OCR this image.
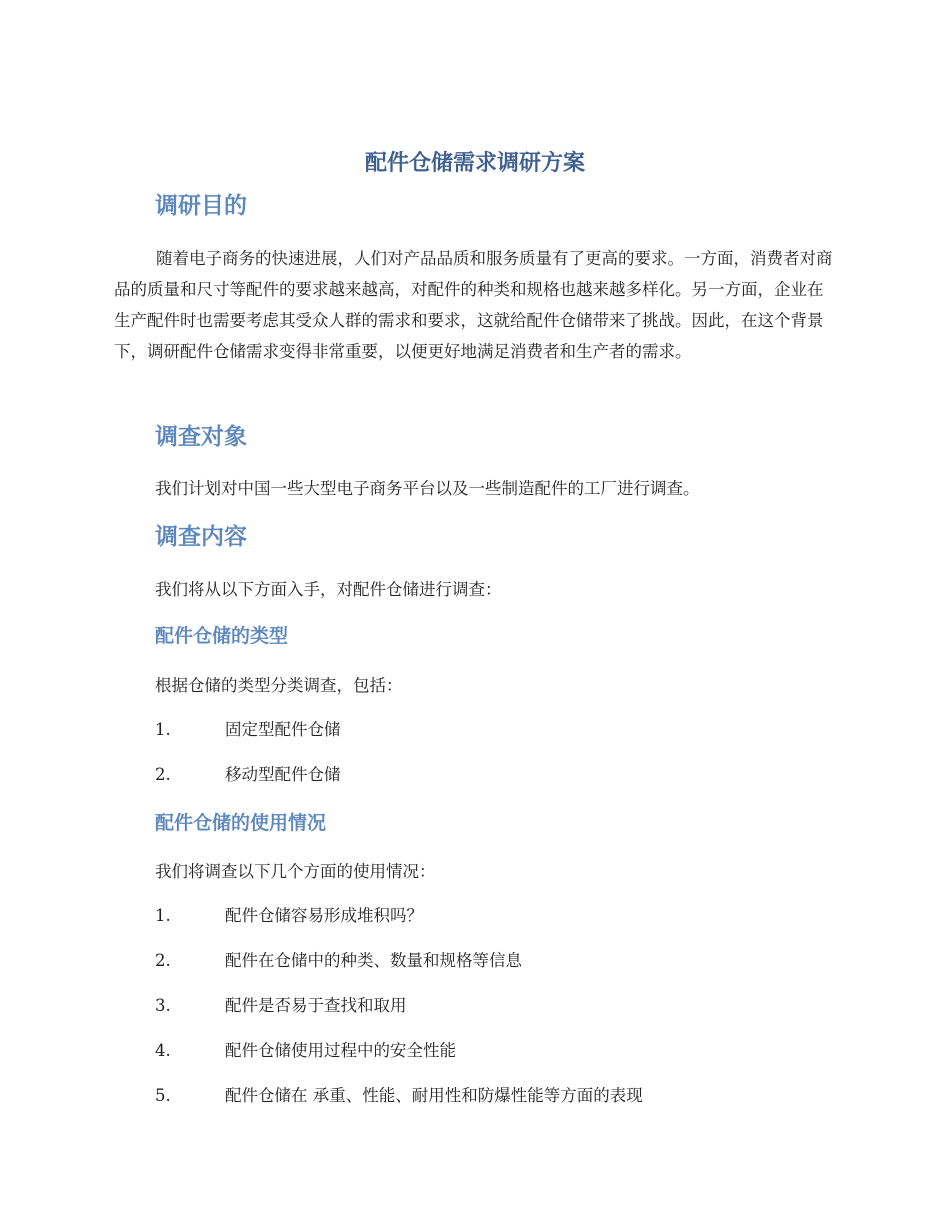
配件仓储需求调研方案
调研目的

随着电子商务的快速进展，人们对产品品质和服务质量有了更高的要求。一方面，消费者对商品的质量和尺寸等配件的要求越来越高，对配件的种类和规格也越来越多样化。另一方面，企业在生产配件时也需要考虑其受众人群的需求和要求，这就给配件仓储带来了挑战。因此，在这个背景下，调研配件仓储需求变得非常重要，以便更好地满足消费者和生产者的需求。

调查对象

我们计划对中国一些大型电子商务平台以及一些制造配件的工厂进行调查。

调查内容

我们将从以下方面入手，对配件仓储进行调查：

配件仓储的类型

根据仓储的类型分类调查，包括：

1.	固定型配件仓储
2.	移动型配件仓储
配件仓储的使用情况

我们将调查以下几个方面的使用情况：

1.	配件仓储容易形成堆积吗？
2.	配件在仓储中的种类、数量和规格等信息
3.	配件是否易于查找和取用
4.	配件仓储使用过程中的安全性能
5.	配件仓储在 承重、性能、耐用性和防爆性能等方面的表现
